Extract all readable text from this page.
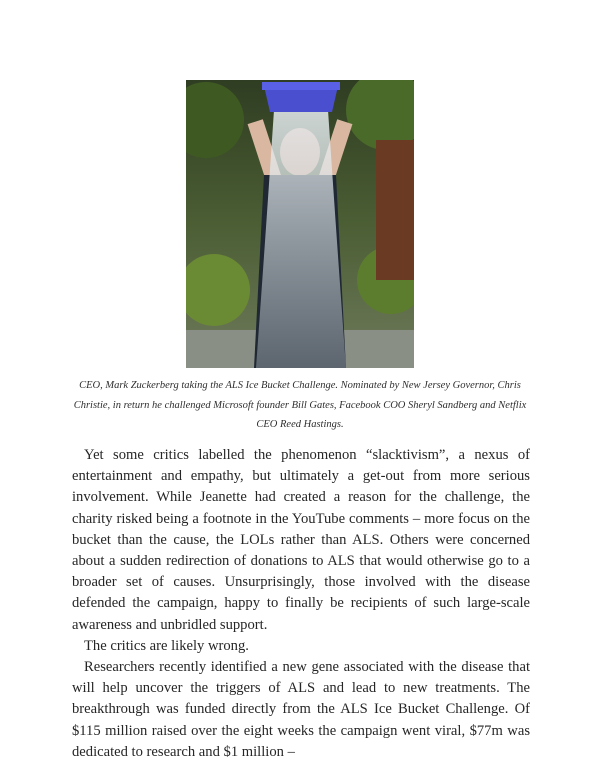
CEO, Mark Zuckerberg taking the ALS Ice Bucket Challenge. Nominated by New Jersey Governor, Chris Christie, in return he challenged Microsoft founder Bill Gates, Facebook COO Sheryl Sandberg and Netflix CEO Reed Hastings.

Yet some critics labelled the phenomenon “slacktivism”, a nexus of entertainment and empathy, but ultimately a get-out from more serious involvement. While Jeanette had created a reason for the challenge, the charity risked being a footnote in the YouTube comments – more focus on the bucket than the cause, the LOLs rather than ALS. Others were concerned about a sudden redirection of donations to ALS that would otherwise go to a broader set of causes. Unsurprisingly, those involved with the disease defended the campaign, happy to finally be recipients of such large-scale awareness and unbridled support.

The critics are likely wrong.

Researchers recently identified a new gene associated with the disease that will help uncover the triggers of ALS and lead to new treatments. The breakthrough was funded directly from the ALS Ice Bucket Challenge. Of $115 million raised over the eight weeks the campaign went viral, $77m was dedicated to research and $1 million –
